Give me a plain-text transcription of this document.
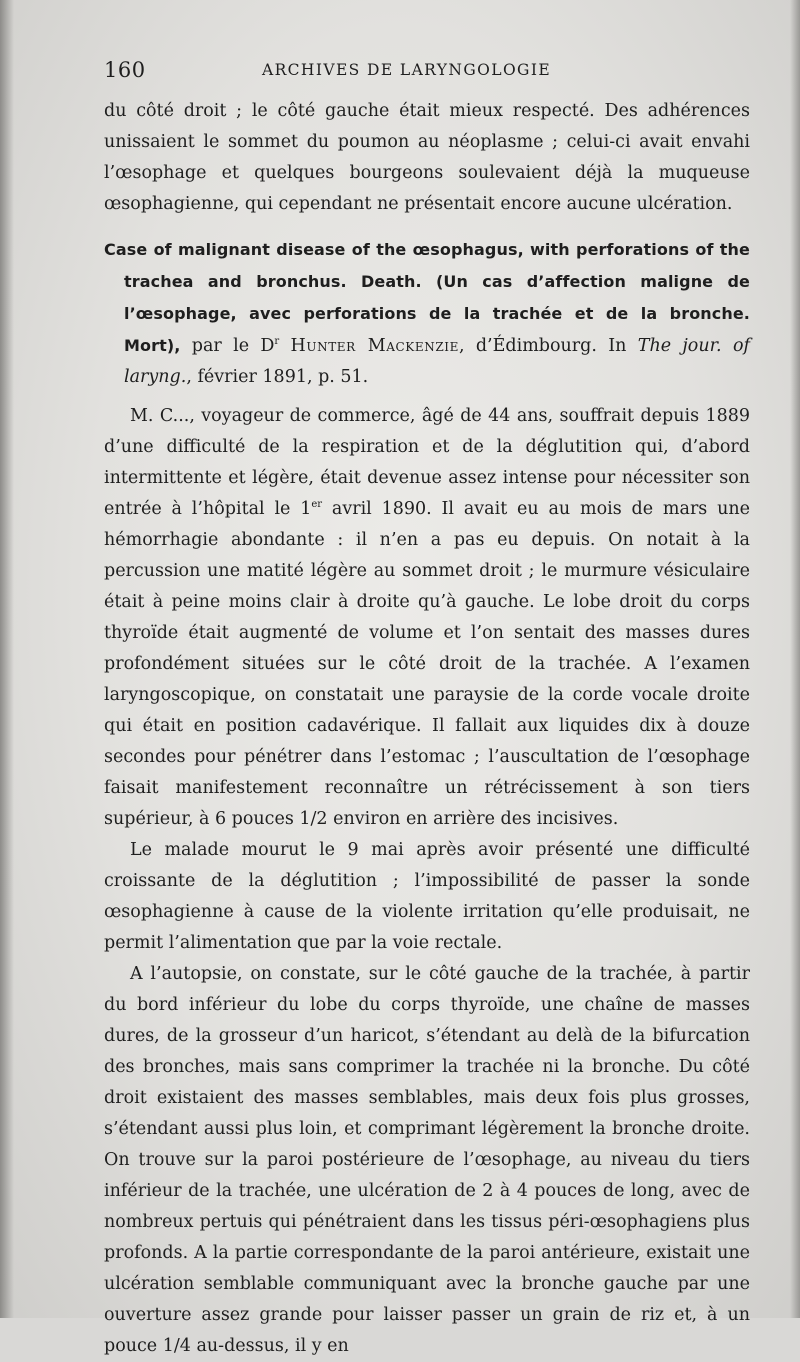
160	ARCHIVES DE LARYNGOLOGIE

du côté droit ; le côté gauche était mieux respecté. Des adhérences unissaient le sommet du poumon au néoplasme ; celui-ci avait envahi l’œsophage et quelques bourgeons soulevaient déjà la muqueuse œsophagienne, qui cependant ne présentait encore aucune ulcération.

Case of malignant disease of the œsophagus, with perforations of the trachea and bronchus. Death. (Un cas d’affection maligne de l’œsophage, avec perforations de la trachée et de la bronche. Mort), par le $D^r$ Hunter Mackenzie, d’Édimbourg. In The jour. of laryng., février 1891, p. 51.

M. C..., voyageur de commerce, âgé de 44 ans, souffrait depuis 1889 d’une difficulté de la respiration et de la déglutition qui, d’abord intermittente et légère, était devenue assez intense pour nécessiter son entrée à l’hôpital le 1er avril 1890. Il avait eu au mois de mars une hémorrhagie abondante : il n’en a pas eu depuis. On notait à la percussion une matité légère au sommet droit ; le murmure vésiculaire était à peine moins clair à droite qu’à gauche. Le lobe droit du corps thyroïde était augmenté de volume et l’on sentait des masses dures profondément situées sur le côté droit de la trachée. A l’examen laryngoscopique, on constatait une paraysie de la corde vocale droite qui était en position cadavérique. Il fallait aux liquides dix à douze secondes pour pénétrer dans l’estomac ; l’auscultation de l’œsophage faisait manifestement reconnaître un rétrécissement à son tiers supérieur, à 6 pouces 1/2 environ en arrière des incisives.

Le malade mourut le 9 mai après avoir présenté une difficulté croissante de la déglutition ; l’impossibilité de passer la sonde œsophagienne à cause de la violente irritation qu’elle produisait, ne permit l’alimentation que par la voie rectale.

A l’autopsie, on constate, sur le côté gauche de la trachée, à partir du bord inférieur du lobe du corps thyroïde, une chaîne de masses dures, de la grosseur d’un haricot, s’étendant au delà de la bifurcation des bronches, mais sans comprimer la trachée ni la bronche. Du côté droit existaient des masses semblables, mais deux fois plus grosses, s’étendant aussi plus loin, et comprimant légèrement la bronche droite. On trouve sur la paroi postérieure de l’œsophage, au niveau du tiers inférieur de la trachée, une ulcération de 2 à 4 pouces de long, avec de nombreux pertuis qui pénétraient dans les tissus péri-œsophagiens plus profonds. A la partie correspondante de la paroi antérieure, existait une ulcération semblable communiquant avec la bronche gauche par une ouverture assez grande pour laisser passer un grain de riz et, à un pouce 1/4 au-dessus, il y en
